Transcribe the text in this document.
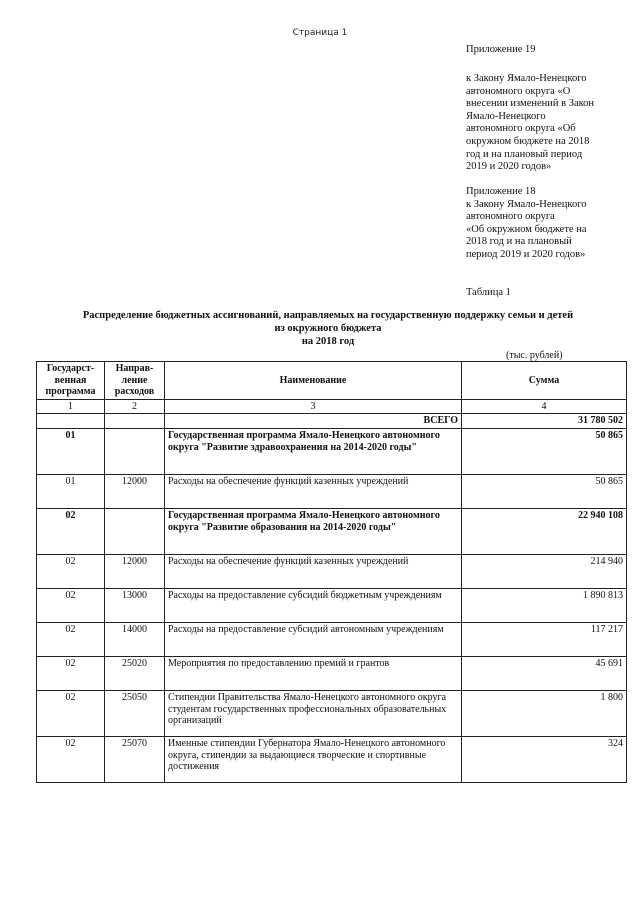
Страница 1
Приложение 19
к Закону Ямало-Ненецкого
автономного округа «О
внесении изменений в Закон
Ямало-Ненецкого
автономного округа «Об
окружном бюджете на 2018
год и на плановый период
2019 и 2020 годов»
Приложение 18
к Закону Ямало-Ненецкого
автономного округа
«Об окружном бюджете на
2018 год и на плановый
период 2019 и 2020 годов»
Таблица 1
Распределение бюджетных ассигнований, направляемых на государственную поддержку семьи и детей
из окружного бюджета
на 2018 год
(тыс. рублей)
Государст-венная программа	Направ-ление расходов	Наименование	Сумма
1	2	3	4
		ВСЕГО	31 780 502
01		Государственная программа Ямало-Ненецкого автономного округа "Развитие здравоохранения на 2014-2020 годы"	50 865
01	12000	Расходы на обеспечение функций казенных учреждений	50 865
02		Государственная программа Ямало-Ненецкого автономного округа "Развитие образования на 2014-2020 годы"	22 940 108
02	12000	Расходы на обеспечение функций казенных учреждений	214 940
02	13000	Расходы на предоставление субсидий бюджетным учреждениям	1 890 813
02	14000	Расходы на предоставление субсидий автономным учреждениям	117 217
02	25020	Мероприятия по предоставлению премий и грантов	45 691
02	25050	Стипендии Правительства Ямало-Ненецкого автономного округа студентам государственных профессиональных образовательных организаций	1 800
02	25070	Именные стипендии Губернатора Ямало-Ненецкого автономного округа, стипендии за выдающиеся творческие и спортивные достижения	324
